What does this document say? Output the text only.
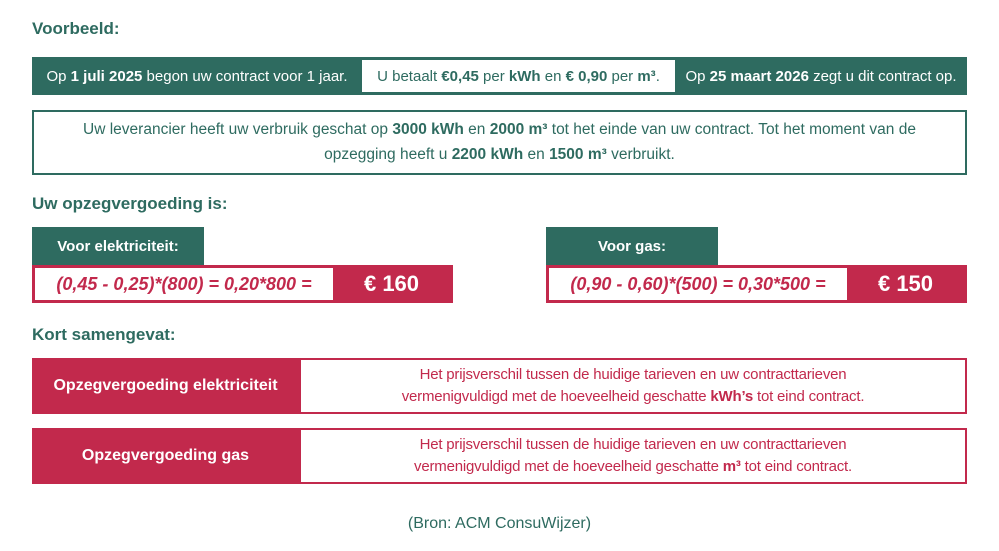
Voorbeeld:
Op 1 juli 2025 begon uw contract voor 1 jaar. U betaalt €0,45 per kWh en € 0,90 per m³. Op 25 maart 2026 zegt u dit contract op.
Uw leverancier heeft uw verbruik geschat op 3000 kWh en 2000 m³ tot het einde van uw contract. Tot het moment van de
opzegging heeft u 2200 kWh en 1500 m³ verbruikt.
Uw opzegvergoeding is:
Voor elektriciteit:
(0,45 - 0,25)*(800) = 0,20*800 =	€ 160
Voor gas:
(0,90 - 0,60)*(500) = 0,30*500 =	€ 150
Kort samengevat:
Opzegvergoeding elektriciteit
Het prijsverschil tussen de huidige tarieven en uw contracttarieven
vermenigvuldigd met de hoeveelheid geschatte kWh’s tot eind contract.
Opzegvergoeding gas
Het prijsverschil tussen de huidige tarieven en uw contracttarieven
vermenigvuldigd met de hoeveelheid geschatte m³ tot eind contract.
(Bron: ACM ConsuWijzer)
